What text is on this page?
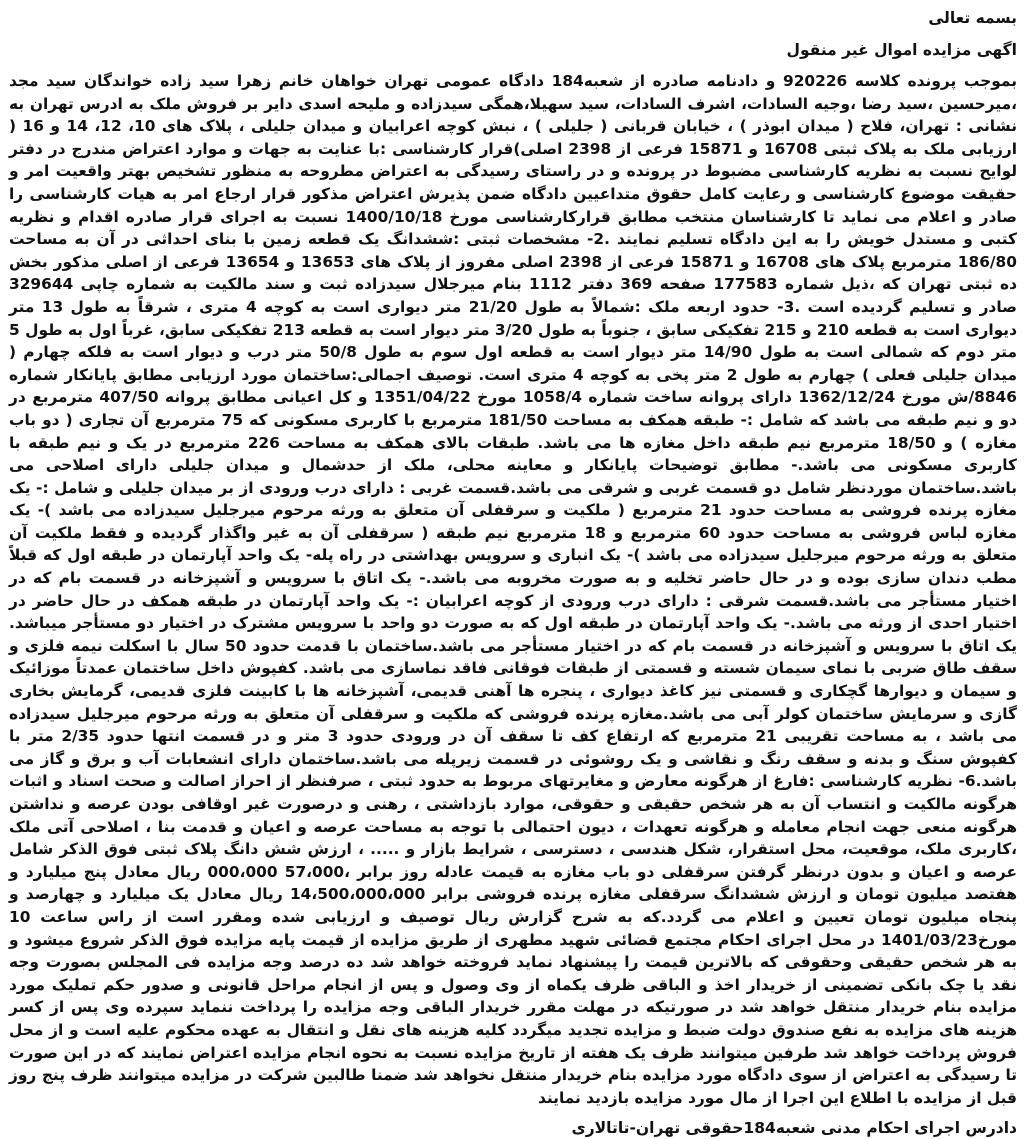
بسمه تعالی
اگهی مزایده اموال غیر منقول

بموجب پرونده کلاسه 920226 و دادنامه صادره از شعبه184 دادگاه عمومی تهران خواهان خانم زهرا سید زاده خواندگان سید مجد ،میرحسین ،سید رضا ،وجیه السادات، اشرف السادات، سید سهیلا،همگی سیدزاده و ملیحه اسدی دایر بر فروش ملک به ادرس تهران به نشانی : تهران، فلاح ( میدان ابوذر ) ، خیابان قربانی ( جلیلی ) ، نبش کوچه اعرابیان و میدان جلیلی ، پلاک های 10، 12، 14 و 16 ( ارزیابی ملک به پلاک ثبتی 16708 و 15871 فرعی از 2398 اصلی)قرار کارشناسی :با عنایت به جهات و موارد اعتراض مندرج در دفتر لوایح نسبت به نظریه کارشناسی مضبوط در پرونده و در راستای رسیدگی به اعتراض مطروحه به منظور تشخیص بهتر واقعیت امر و حقیقت موضوع کارشناسی و رعایت کامل حقوق متداعیین دادگاه ضمن پذیرش اعتراض مذکور قرار ارجاع امر به هیات کارشناسی را صادر و اعلام می نماید تا کارشناسان منتخب مطابق قرارکارشناسی مورخ 1400/10/18 نسبت به اجرای قرار صادره اقدام و نظریه کتبی و مستدل خویش را به این دادگاه تسلیم نمایند .2- مشخصات ثبتی :ششدانگ یک قطعه زمین با بنای احداثی در آن به مساحت 186/80 مترمربع پلاک های 16708 و 15871 فرعی از 2398 اصلی مفروز از پلاک های 13653 و 13654 فرعی از اصلی مذکور بخش ده ثبتی تهران که ،ذیل شماره 177583 صفحه 369 دفتر 1112 بنام میرجلال سیدزاده ثبت و سند مالکیت به شماره چاپی 329644 صادر و تسلیم گردیده است .3- حدود اربعه ملک :شمالاً به طول 21/20 متر دیواری است به کوچه 4 متری ، شرقاً به طول 13 متر دیواری است به قطعه 210 و 215 تفکیکی سابق ، جنوباً به طول 3/20 متر دیوار است به قطعه 213 تفکیکی سابق، غرباً اول به طول 5 متر دوم که شمالی است به طول 14/90 متر دیوار است به قطعه اول سوم به طول 50/8 متر درب و دیوار است به فلکه چهارم ( میدان جلیلی فعلی ) چهارم به طول 2 متر پخی به کوچه 4 متری است. توصیف اجمالی:ساختمان مورد ارزیابی مطابق پایانکار شماره 8846/ش مورخ 1362/12/24 دارای پروانه ساخت شماره 1058/4 مورخ 1351/04/22 و کل اعیانی مطابق پروانه 407/50 مترمربع در دو و نیم طبقه می باشد که شامل :- طبقه همکف به مساحت 181/50 مترمربع با کاربری مسکونی که 75 مترمربع آن تجاری ( دو باب مغازه ) و 18/50 مترمربع نیم طبقه داخل مغازه ها می باشد. طبقات بالای همکف به مساحت 226 مترمربع در یک و نیم طبقه با کاربری مسکونی می باشد.- مطابق توضیحات پایانکار و معاینه محلی، ملک از حدشمال و میدان جلیلی دارای اصلاحی می باشد.ساختمان موردنظر شامل دو قسمت غربی و شرقی می باشد.قسمت غربی : دارای درب ورودی از بر میدان جلیلی و شامل :- یک مغازه پرنده فروشی به مساحت حدود 21 مترمربع ( ملکیت و سرقفلی آن متعلق به ورثه مرحوم میرجلیل سیدزاده می باشد )- یک مغازه لباس فروشی به مساحت حدود 60 مترمربع و 18 مترمربع نیم طبقه ( سرقفلی آن به غیر واگذار گردیده و فقط ملکیت آن متعلق به ورثه مرحوم میرجلیل سیدزاده می باشد )- یک انباری و سرویس بهداشتی در راه پله- یک واحد آپارتمان در طبقه اول که قبلاً مطب دندان سازی بوده و در حال حاضر تخلیه و به صورت مخروبه می باشد.- یک اتاق با سرویس و آشپزخانه در قسمت بام که در اختیار مستأجر می باشد.قسمت شرقی : دارای درب ورودی از کوچه اعرابیان :- یک واحد آپارتمان در طبقه همکف در حال حاضر در اختیار احدی از ورثه می باشد.- یک واحد آپارتمان در طبقه اول که به صورت دو واحد با سرویس مشترک در اختیار دو مستأجر میباشد. یک اتاق با سرویس و آشپزخانه در قسمت بام که در اختیار مستأجر می باشد.ساختمان با قدمت حدود 50 سال با اسکلت نیمه فلزی و سقف طاق ضربی با نمای سیمان شسته و قسمتی از طبقات فوقانی فاقد نماسازی می باشد. کفپوش داخل ساختمان عمدتاً موزائیک و سیمان و دیوارها گچکاری و قسمتی نیز کاغذ دیواری ، پنجره ها آهنی قدیمی، آشپزخانه ها با کابینت فلزی قدیمی، گرمایش بخاری گازی و سرمایش ساختمان کولر آبی می باشد.مغازه پرنده فروشی که ملکیت و سرقفلی آن متعلق به ورثه مرحوم میرجلیل سیدزاده می باشد ، به مساحت تقریبی 21 مترمربع که ارتفاع کف تا سقف آن در ورودی حدود 3 متر و در قسمت انتها حدود 2/35 متر با کفپوش سنگ و بدنه و سقف رنگ و نقاشی و یک روشوئی در قسمت زیرپله می باشد.ساختمان دارای انشعابات آب و برق و گاز می باشد.6- نظریه کارشناسی :فارغ از هرگونه معارض و مغایرتهای مربوط به حدود ثبتی ، صرفنظر از احراز اصالت و صحت اسناد و اثبات هرگونه مالکیت و انتساب آن به هر شخص حقیقی و حقوقی، موارد بازداشتی ، رهنی و درصورت غیر اوقافی بودن عرصه و نداشتن هرگونه منعی جهت انجام معامله و هرگونه تعهدات ، دیون احتمالی با توجه به مساحت عرصه و اعیان و قدمت بنا ، اصلاحی آتی ملک ،کاربری ملک، موقعیت، محل استقرار، شکل هندسی ، دسترسی ، شرایط بازار و ..... ، ارزش شش دانگ پلاک ثبتی فوق الذکر شامل عرصه و اعیان و بدون درنظر گرفتن سرقفلی دو باب مغازه به قیمت عادله روز برابر ،57،000 000،000 ریال معادل پنج میلیارد و هفتصد میلیون تومان و ارزش ششدانگ سرقفلی مغازه پرنده فروشی برابر 14،500،000،000 ریال معادل یک میلیارد و چهارصد و پنجاه میلیون تومان تعیین و اعلام می گردد.که به شرح گزارش ریال توصیف و ارزیابی شده ومقرر است از راس ساعت 10 مورخ1401/03/23 در محل اجرای احکام مجتمع قضائی شهید مطهری از طریق مزایده از قیمت پایه مزایده فوق الذکر شروع میشود و به هر شخص حقیقی وحقوقی که بالاترین قیمت را پیشنهاد نماید فروخته خواهد شد ده درصد وجه مزایده فی المجلس بصورت وجه نقد یا چک بانکی تضمینی از خریدار اخذ و الباقی ظرف یکماه از وی وصول و پس از انجام مراحل قانونی و صدور حکم تملیک مورد مزایده بنام خریدار منتقل خواهد شد در صورتیکه در مهلت مقرر خریدار الباقی وجه مزایده را پرداخت ننماید سپرده وی پس از کسر هزینه های مزایده به نفع صندوق دولت ضبط و مزایده تجدید میگردد کلیه هزینه های نقل و انتقال به عهده محکوم علیه است و از محل فروش پرداخت خواهد شد طرفین میتوانند ظرف یک هفته از تاریخ مزایده نسبت به نحوه انجام مزایده اعتراض نمایند که در این صورت تا رسیدگی به اعتراض از سوی دادگاه مورد مزایده بنام خریدار منتقل نخواهد شد ضمنا طالبین شرکت در مزایده میتوانند ظرف پنج روز قبل از مزایده با اطلاع این اجرا از مال مورد مزایده بازدید نمایند

دادرس اجرای احکام مدنی شعبه184حقوقی تهران-تاتالاری
